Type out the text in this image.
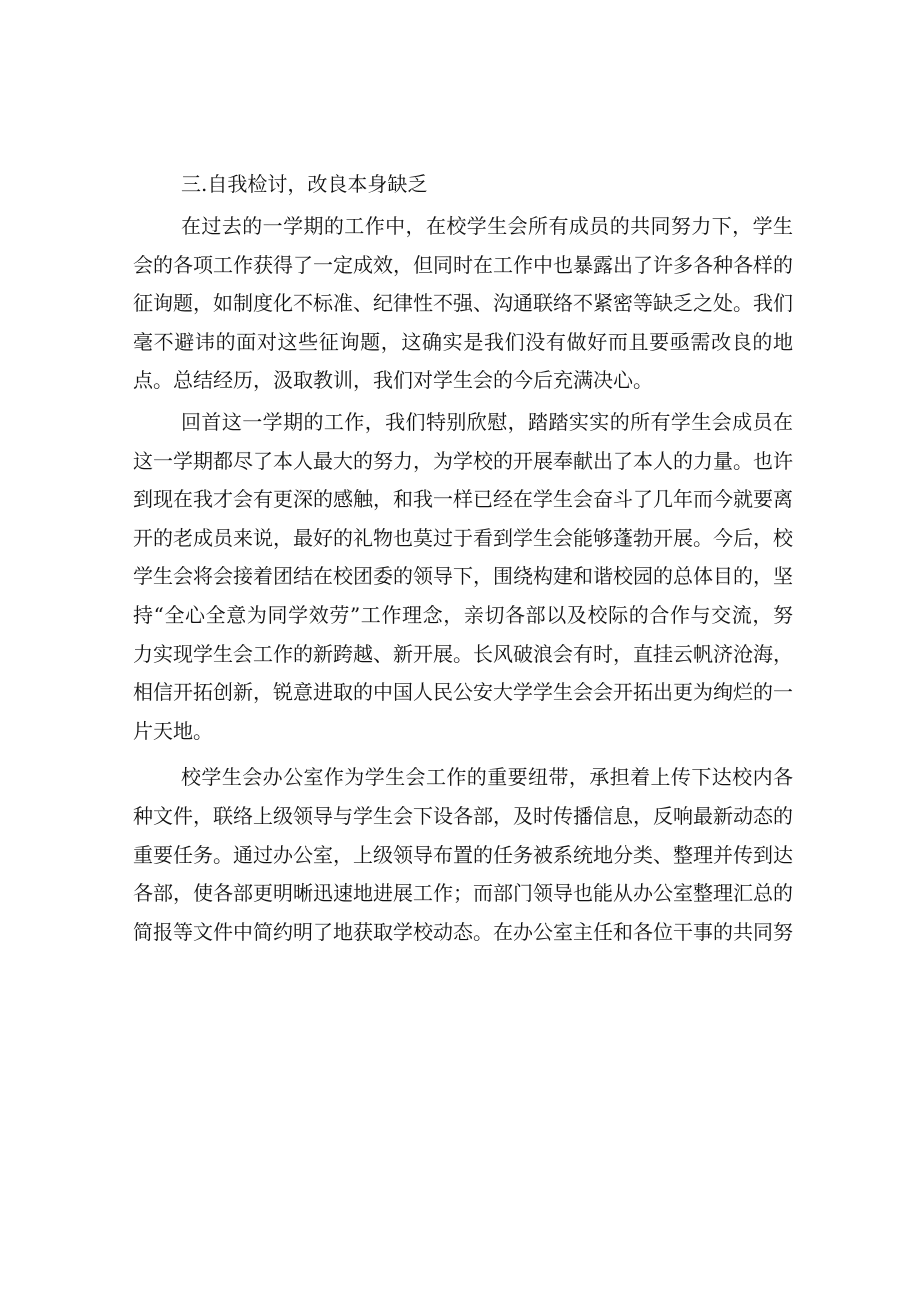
三.自我检讨，改良本身缺乏

在过去的一学期的工作中，在校学生会所有成员的共同努力下，学生会的各项工作获得了一定成效，但同时在工作中也暴露出了许多各种各样的征询题，如制度化不标准、纪律性不强、沟通联络不紧密等缺乏之处。我们毫不避讳的面对这些征询题，这确实是我们没有做好而且要亟需改良的地点。总结经历，汲取教训，我们对学生会的今后充满决心。

回首这一学期的工作，我们特别欣慰，踏踏实实的所有学生会成员在这一学期都尽了本人最大的努力，为学校的开展奉献出了本人的力量。也许到现在我才会有更深的感触，和我一样已经在学生会奋斗了几年而今就要离开的老成员来说，最好的礼物也莫过于看到学生会能够蓬勃开展。今后，校学生会将会接着团结在校团委的领导下，围绕构建和谐校园的总体目的，坚持“全心全意为同学效劳”工作理念，亲切各部以及校际的合作与交流，努力实现学生会工作的新跨越、新开展。长风破浪会有时，直挂云帆济沧海，相信开拓创新，锐意进取的中国人民公安大学学生会会开拓出更为绚烂的一片天地。

校学生会办公室作为学生会工作的重要纽带，承担着上传下达校内各种文件，联络上级领导与学生会下设各部，及时传播信息，反响最新动态的重要任务。通过办公室，上级领导布置的任务被系统地分类、整理并传到达各部，使各部更明晰迅速地进展工作；而部门领导也能从办公室整理汇总的简报等文件中简约明了地获取学校动态。在办公室主任和各位干事的共同努
